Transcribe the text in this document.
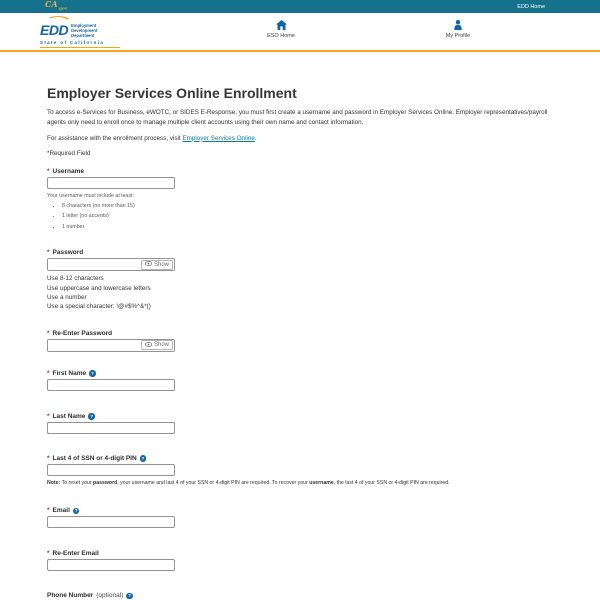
$CA_{.gov}$	EDD Home
EDD Employment
Development
Department
State of California
ESO Home	My Profile
Employer Services Online Enrollment

To access e-Services for Business, eWOTC, or SIDES E-Response, you must first create a username and password in Employer Services Online. Employer representatives/payroll agents only need to enroll once to manage multiple client accounts using their own name and contact information.

For assistance with the enrollment process, visit Employer Services Online.

*Required Field

* Username
Your username must include at least:
• 8 characters (no more than 15)
• 1 letter (no accents)
• 1 number
* Password
Show
Use 8-12 characters
Use uppercase and lowercase letters
Use a number
Use a special character: !@#$%^&*()
* Re-Enter Password
Show
* First Name	?
* Last Name	?
* Last 4 of SSN or 4-digit PIN	?
Note: To reset your password, your username and last 4 of your SSN or 4-digit PIN are required. To recover your username, the last 4 of your SSN or 4-digit PIN are required.
* Email	?
* Re-Enter Email
Phone Number (optional)	?
